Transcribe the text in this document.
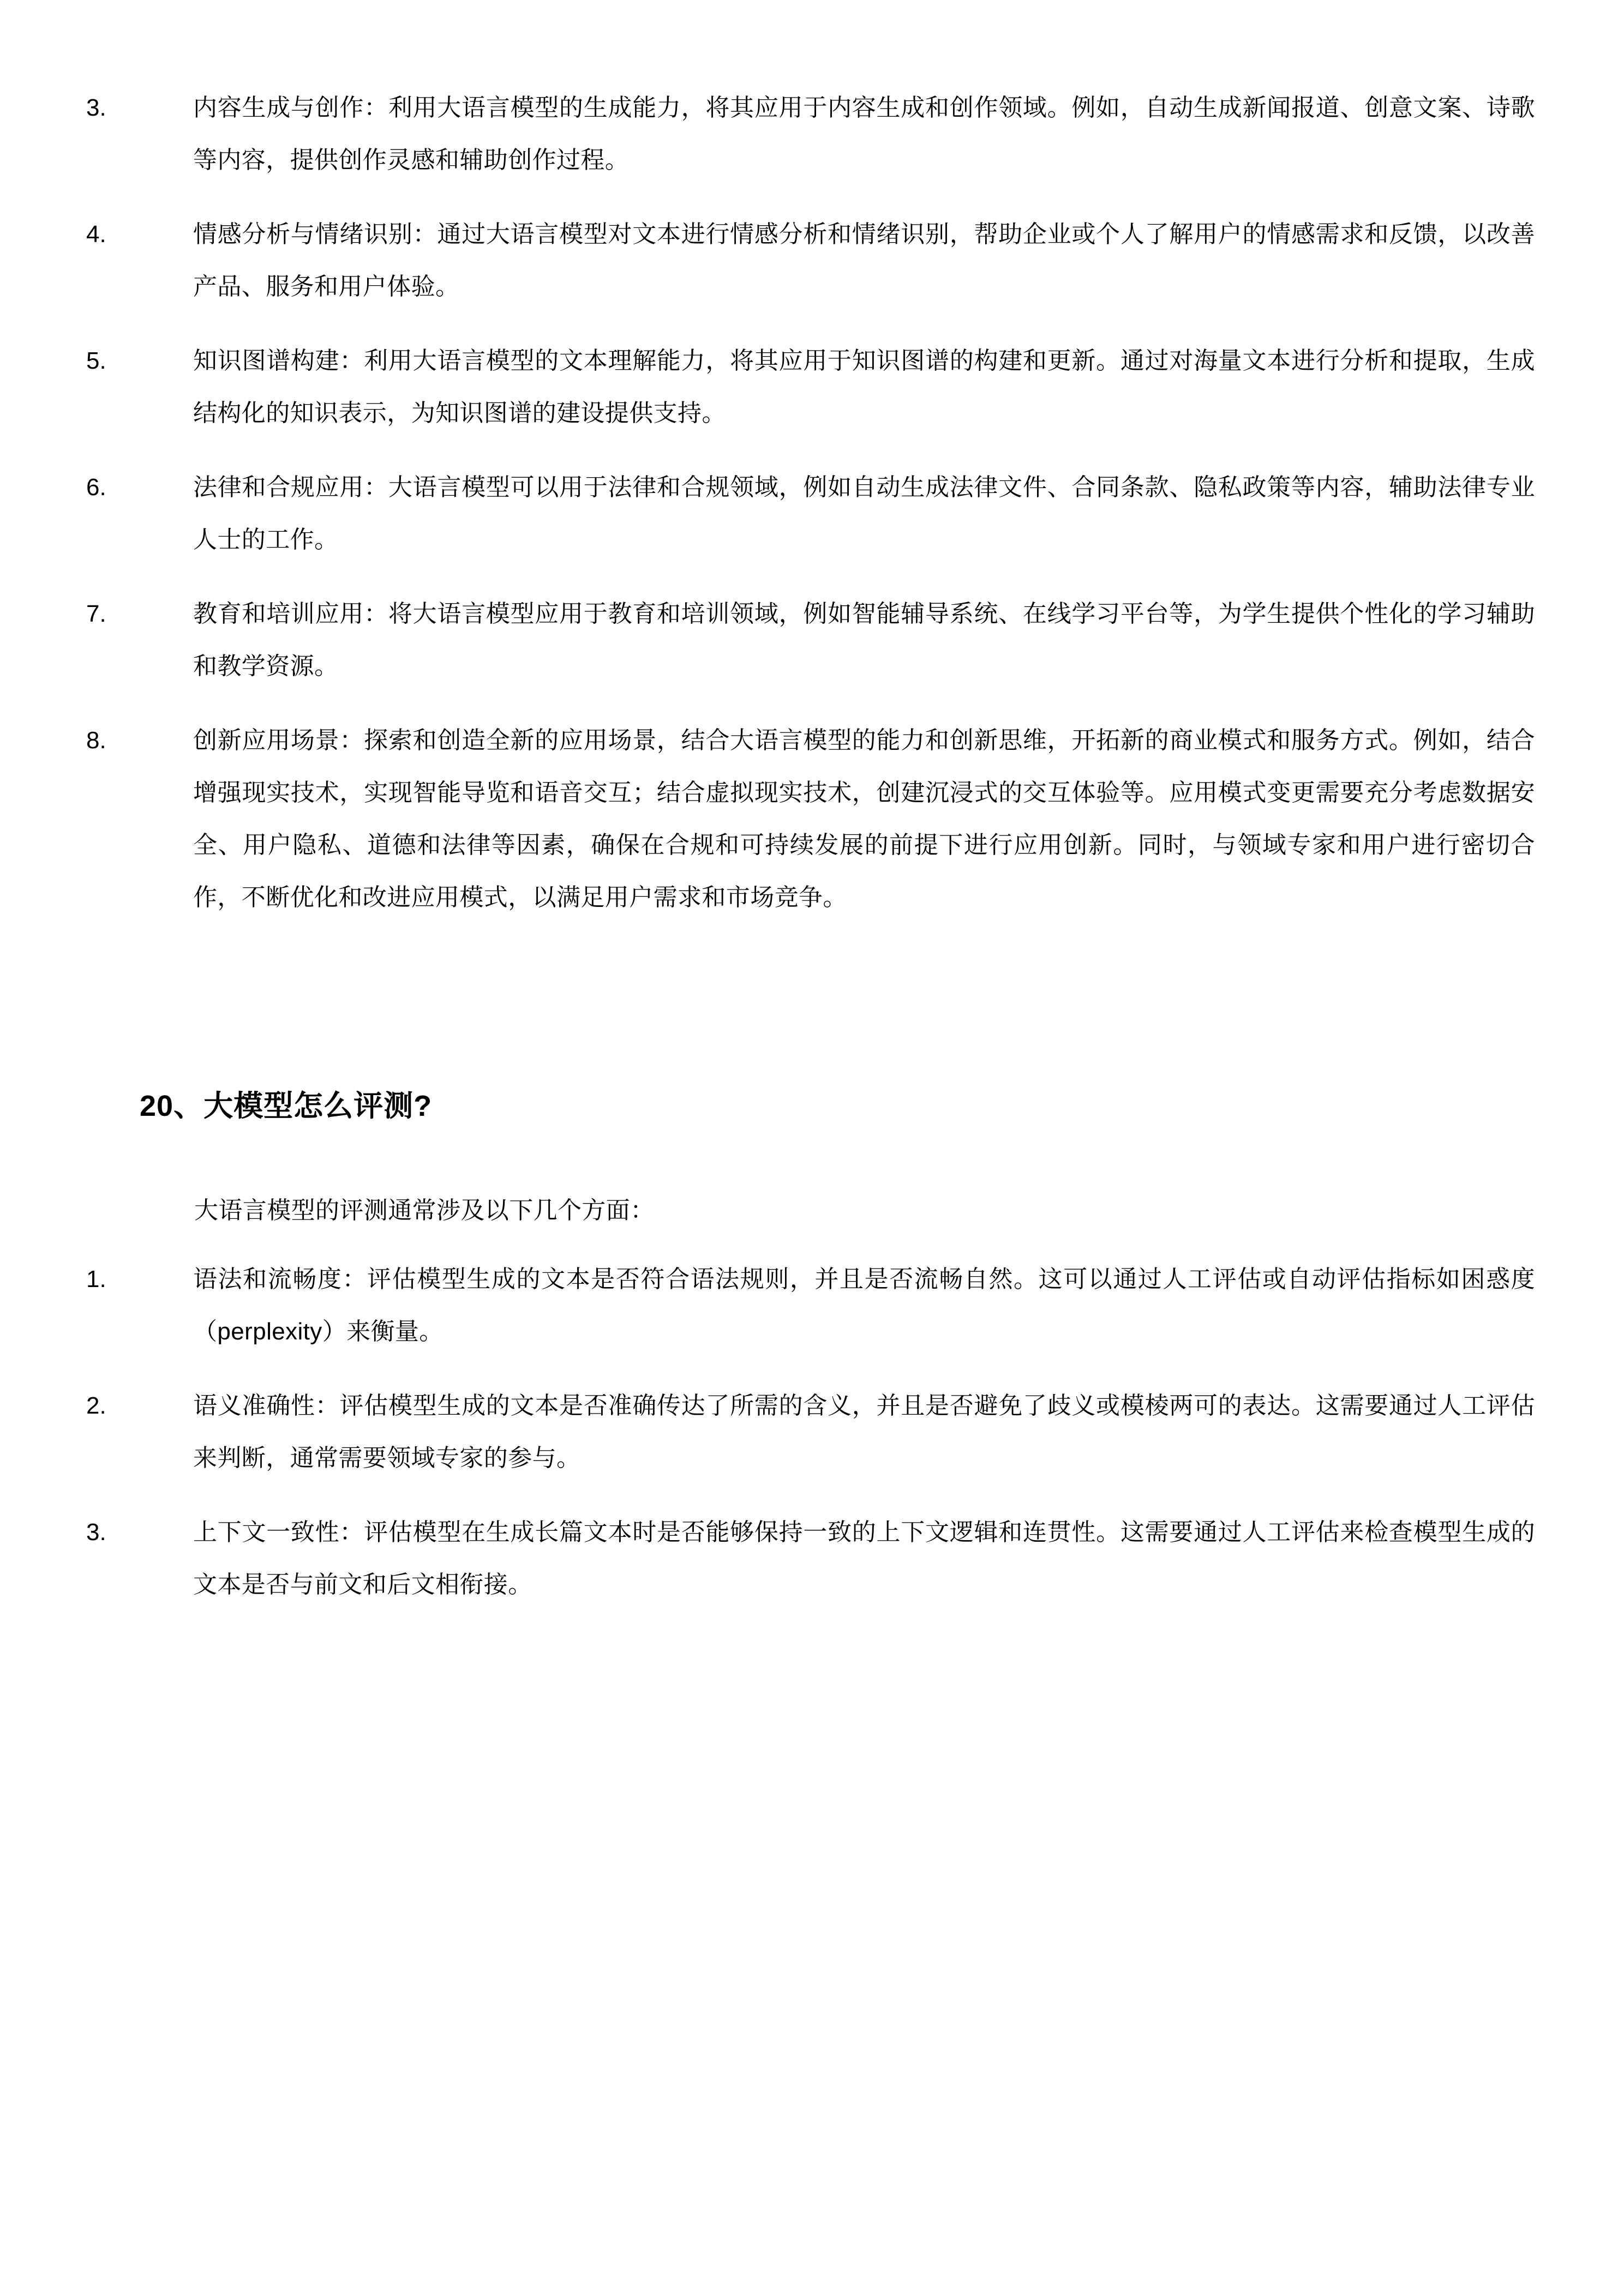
3.	内容生成与创作：利用大语言模型的生成能力，将其应用于内容生成和创作领域。例如，自动生成新闻报道、创意文案、诗歌等内容，提供创作灵感和辅助创作过程。
4.	情感分析与情绪识别：通过大语言模型对文本进行情感分析和情绪识别，帮助企业或个人了解用户的情感需求和反馈，以改善产品、服务和用户体验。
5.	知识图谱构建：利用大语言模型的文本理解能力，将其应用于知识图谱的构建和更新。通过对海量文本进行分析和提取，生成结构化的知识表示，为知识图谱的建设提供支持。
6.	法律和合规应用：大语言模型可以用于法律和合规领域，例如自动生成法律文件、合同条款、隐私政策等内容，辅助法律专业人士的工作。
7.	教育和培训应用：将大语言模型应用于教育和培训领域，例如智能辅导系统、在线学习平台等，为学生提供个性化的学习辅助和教学资源。
8.	创新应用场景：探索和创造全新的应用场景，结合大语言模型的能力和创新思维，开拓新的商业模式和服务方式。例如，结合增强现实技术，实现智能导览和语音交互；结合虚拟现实技术，创建沉浸式的交互体验等。应用模式变更需要充分考虑数据安全、用户隐私、道德和法律等因素，确保在合规和可持续发展的前提下进行应用创新。同时，与领域专家和用户进行密切合作，不断优化和改进应用模式，以满足用户需求和市场竞争。
20、大模型怎么评测?

大语言模型的评测通常涉及以下几个方面：

1.	语法和流畅度：评估模型生成的文本是否符合语法规则，并且是否流畅自然。这可以通过人工评估或自动评估指标如困惑度（perplexity）来衡量。
2.	语义准确性：评估模型生成的文本是否准确传达了所需的含义，并且是否避免了歧义或模棱两可的表达。这需要通过人工评估来判断，通常需要领域专家的参与。
3.	上下文一致性：评估模型在生成长篇文本时是否能够保持一致的上下文逻辑和连贯性。这需要通过人工评估来检查模型生成的文本是否与前文和后文相衔接。
